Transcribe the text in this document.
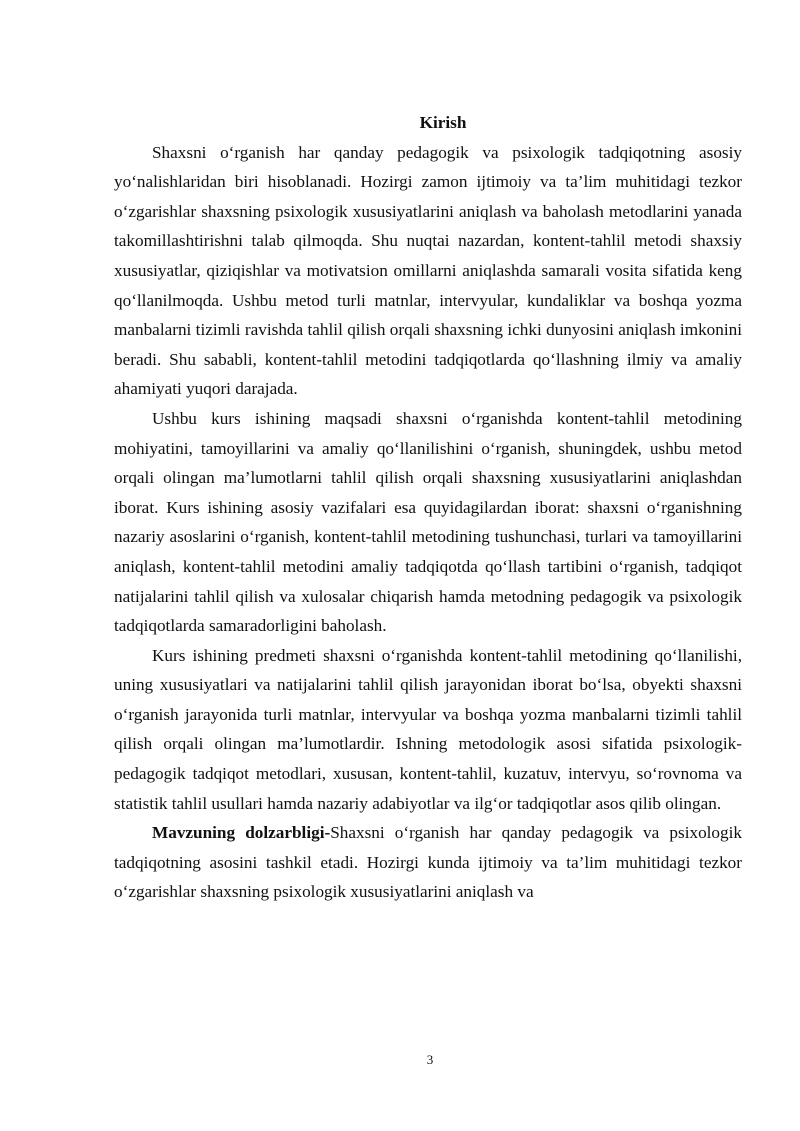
Kirish

Shaxsni o‘rganish har qanday pedagogik va psixologik tadqiqotning asosiy yo‘nalishlaridan biri hisoblanadi. Hozirgi zamon ijtimoiy va ta’lim muhitidagi tezkor o‘zgarishlar shaxsning psixologik xususiyatlarini aniqlash va baholash metodlarini yanada takomillashtirishni talab qilmoqda. Shu nuqtai nazardan, kontent-tahlil metodi shaxsiy xususiyatlar, qiziqishlar va motivatsion omillarni aniqlashda samarali vosita sifatida keng qo‘llanilmoqda. Ushbu metod turli matnlar, intervyular, kundaliklar va boshqa yozma manbalarni tizimli ravishda tahlil qilish orqali shaxsning ichki dunyosini aniqlash imkonini beradi. Shu sababli, kontent-tahlil metodini tadqiqotlarda qo‘llashning ilmiy va amaliy ahamiyati yuqori darajada.

Ushbu kurs ishining maqsadi shaxsni o‘rganishda kontent-tahlil metodining mohiyatini, tamoyillarini va amaliy qo‘llanilishini o‘rganish, shuningdek, ushbu metod orqali olingan ma’lumotlarni tahlil qilish orqali shaxsning xususiyatlarini aniqlashdan iborat. Kurs ishining asosiy vazifalari esa quyidagilardan iborat: shaxsni o‘rganishning nazariy asoslarini o‘rganish, kontent-tahlil metodining tushunchasi, turlari va tamoyillarini aniqlash, kontent-tahlil metodini amaliy tadqiqotda qo‘llash tartibini o‘rganish, tadqiqot natijalarini tahlil qilish va xulosalar chiqarish hamda metodning pedagogik va psixologik tadqiqotlarda samaradorligini baholash.

Kurs ishining predmeti shaxsni o‘rganishda kontent-tahlil metodining qo‘llanilishi, uning xususiyatlari va natijalarini tahlil qilish jarayonidan iborat bo‘lsa, obyekti shaxsni o‘rganish jarayonida turli matnlar, intervyular va boshqa yozma manbalarni tizimli tahlil qilish orqali olingan ma’lumotlardir. Ishning metodologik asosi sifatida psixologik-pedagogik tadqiqot metodlari, xususan, kontent-tahlil, kuzatuv, intervyu, so‘rovnoma va statistik tahlil usullari hamda nazariy adabiyotlar va ilg‘or tadqiqotlar asos qilib olingan.

Mavzuning dolzarbligi-Shaxsni o‘rganish har qanday pedagogik va psixologik tadqiqotning asosini tashkil etadi. Hozirgi kunda ijtimoiy va ta’lim muhitidagi tezkor o‘zgarishlar shaxsning psixologik xususiyatlarini aniqlash va

3
